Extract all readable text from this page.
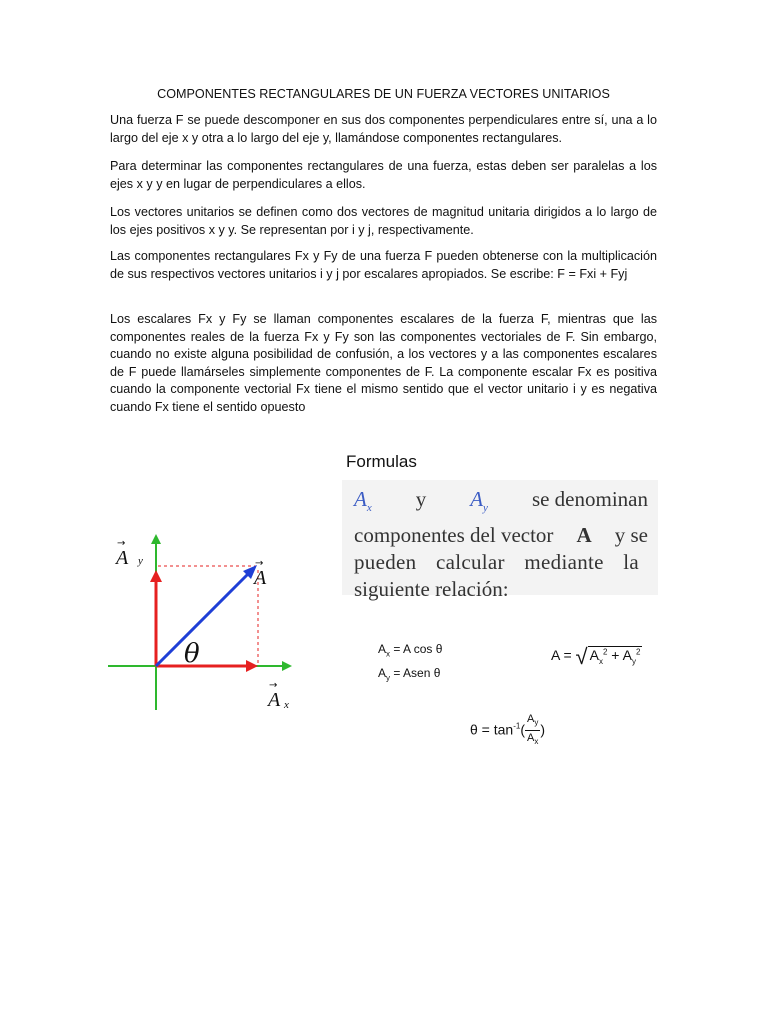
COMPONENTES RECTANGULARES DE UN FUERZA VECTORES UNITARIOS

Una fuerza F se puede descomponer en sus dos componentes perpendiculares entre sí, una a lo largo del eje x y otra a lo largo del eje y, llamándose componentes rectangulares.

Para determinar las componentes rectangulares de una fuerza, estas deben ser paralelas a los ejes x y y en lugar de perpendiculares a ellos.

Los vectores unitarios se definen como dos vectores de magnitud unitaria dirigidos a lo largo de los ejes positivos x y y. Se representan por i y j, respectivamente.

Las componentes rectangulares Fx y Fy de una fuerza F pueden obtenerse con la multiplicación de sus respectivos vectores unitarios i y j por escalares apropiados. Se escribe: F = Fxi + Fyj

Los escalares Fx y Fy se llaman componentes escalares de la fuerza F, mientras que las componentes reales de la fuerza Fx y Fy son las componentes vectoriales de F. Sin embargo, cuando no existe alguna posibilidad de confusión, a los vectores y a las componentes escalares de F puede llamárseles simplemente componentes de F. La componente escalar Fx es positiva cuando la componente vectorial Fx tiene el mismo sentido que el vector unitario i y es negativa cuando Fx tiene el sentido opuesto

Formulas
$A_x$ y $A_y$ se denominan
componentes del vector A y se
pueden calcular mediante la
siguiente relación:
θ
A
→
A y
→
A x
→
$A_x = A$ cos θ
$A_y$ = Asen θ
A = √ $A_x^2 + A_y^2$
$\theta = \tan^{-1}( \frac{A_y}{A_x}$ )
